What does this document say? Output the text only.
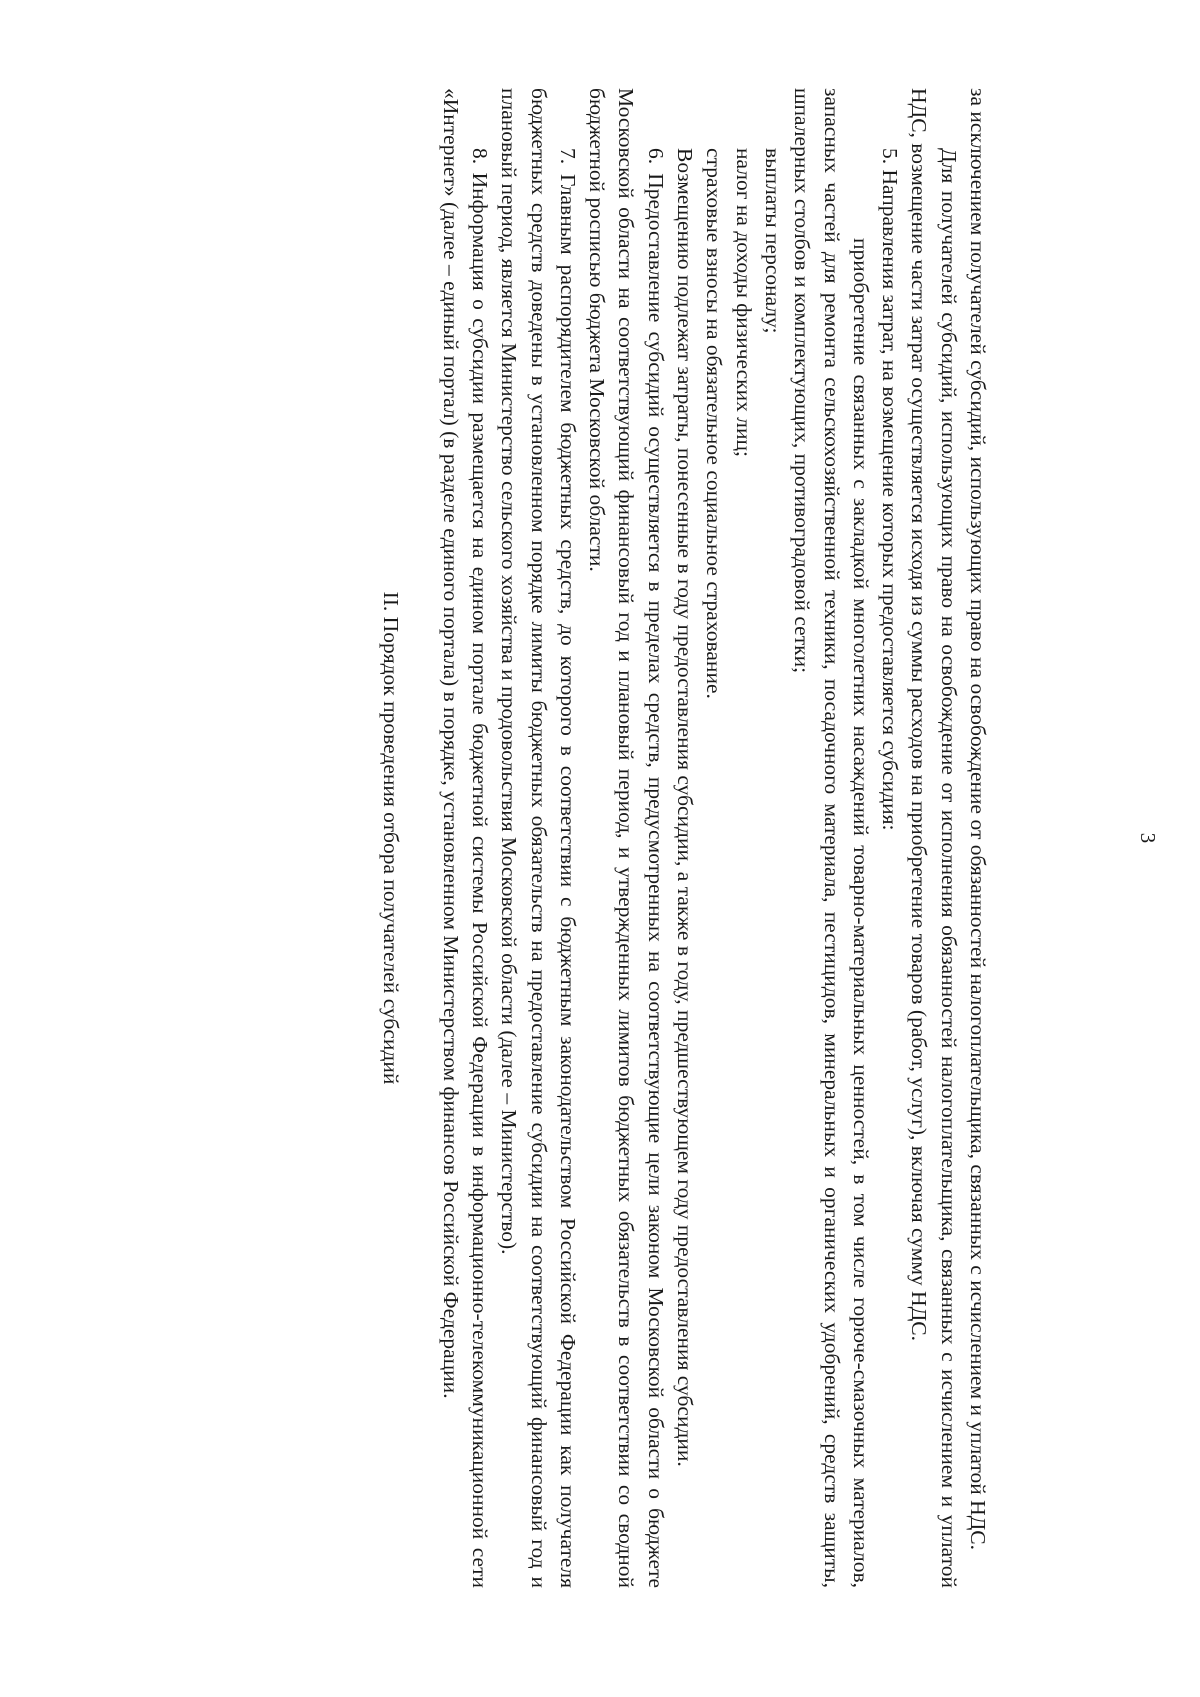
3

за исключением получателей субсидий, использующих право на освобождение от обязанностей налогоплательщика, связанных с исчислением и уплатой НДС.

Для получателей субсидий, использующих право на освобождение от исполнения обязанностей налогоплательщика, связанных с исчислением и уплатой НДС, возмещение части затрат осуществляется исходя из суммы расходов на приобретение товаров (работ, услуг), включая сумму НДС.

5. Направления затрат, на возмещение которых предоставляется субсидия:

приобретение связанных с закладкой многолетних насаждений товарно-материальных ценностей, в том числе горюче-смазочных материалов, запасных частей для ремонта сельскохозяйственной техники, посадочного материала, пестицидов, минеральных и органических удобрений, средств защиты, шпалерных столбов и комплектующих, противоградовой сетки;

выплаты персоналу;

налог на доходы физических лиц;

страховые взносы на обязательное социальное страхование.

Возмещению подлежат затраты, понесенные в году предоставления субсидии, а также в году, предшествующем году предоставления субсидии.

6. Предоставление субсидий осуществляется в пределах средств, предусмотренных на соответствующие цели законом Московской области о бюджете Московской области на соответствующий финансовый год и плановый период, и утвержденных лимитов бюджетных обязательств в соответствии со сводной бюджетной росписью бюджета Московской области.

7. Главным распорядителем бюджетных средств, до которого в соответствии с бюджетным законодательством Российской Федерации как получателя бюджетных средств доведены в установленном порядке лимиты бюджетных обязательств на предоставление субсидии на соответствующий финансовый год и плановый период, является Министерство сельского хозяйства и продовольствия Московской области (далее – Министерство).

8. Информация о субсидии размещается на едином портале бюджетной системы Российской Федерации в информационно-телекоммуникационной сети «Интернет» (далее – единый портал) (в разделе единого портала) в порядке, установленном Министерством финансов Российской Федерации.

II. Порядок проведения отбора получателей субсидий
